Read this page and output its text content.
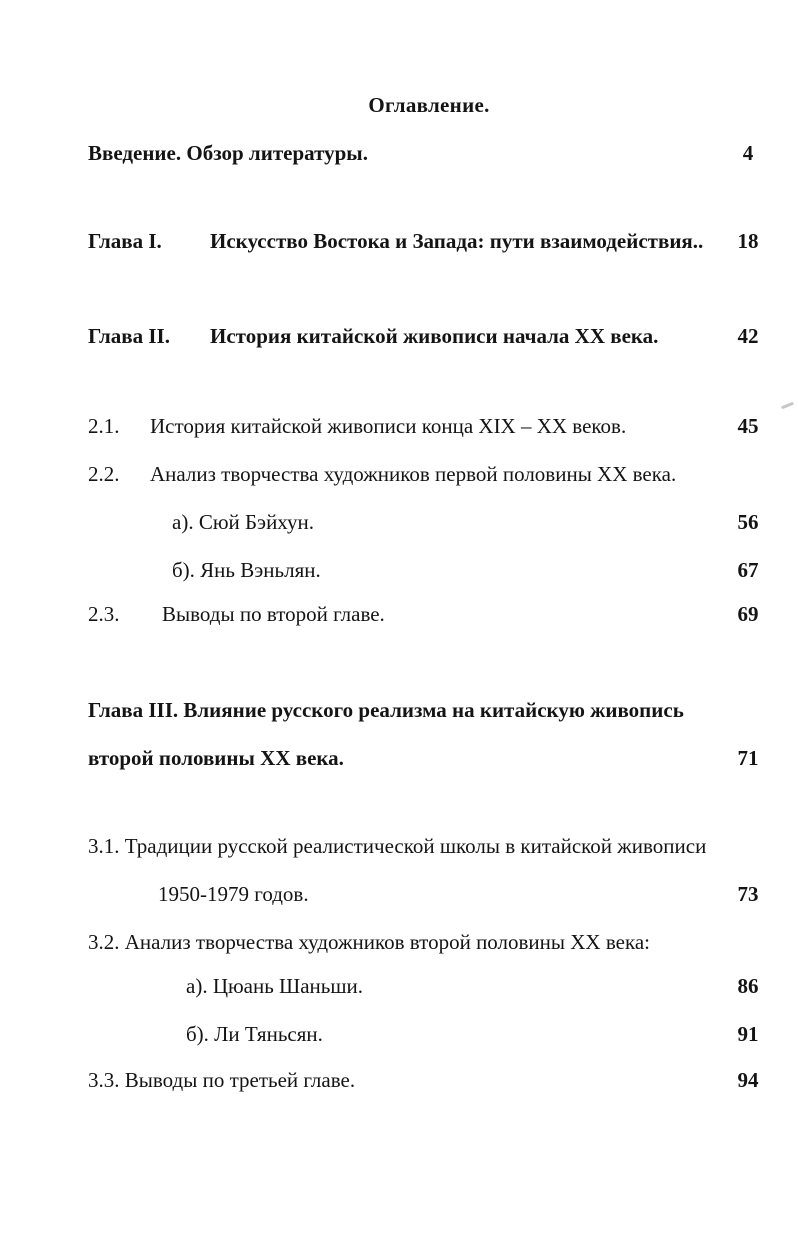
Оглавление.
Введение. Обзор литературы.	4
Глава I. Искусство Востока и Запада: пути взаимодействия..	18
Глава II. История китайской живописи начала XX века.	42
2.1. История китайской живописи конца XIX – XX веков.	45
2.2. Анализ творчества художников первой половины XX века.
а). Сюй Бэйхун.	56
б). Янь Вэньлян.	67
2.3. Выводы по второй главе.	69
Глава III. Влияние русского реализма на китайскую живопись
второй половины XX века.	71
3.1. Традиции русской реалистической школы в китайской живописи
1950-1979 годов.	73
3.2. Анализ творчества художников второй половины XX века:
а). Цюань Шаньши.	86
б). Ли Тяньсян.	91
3.3. Выводы по третьей главе.	94
